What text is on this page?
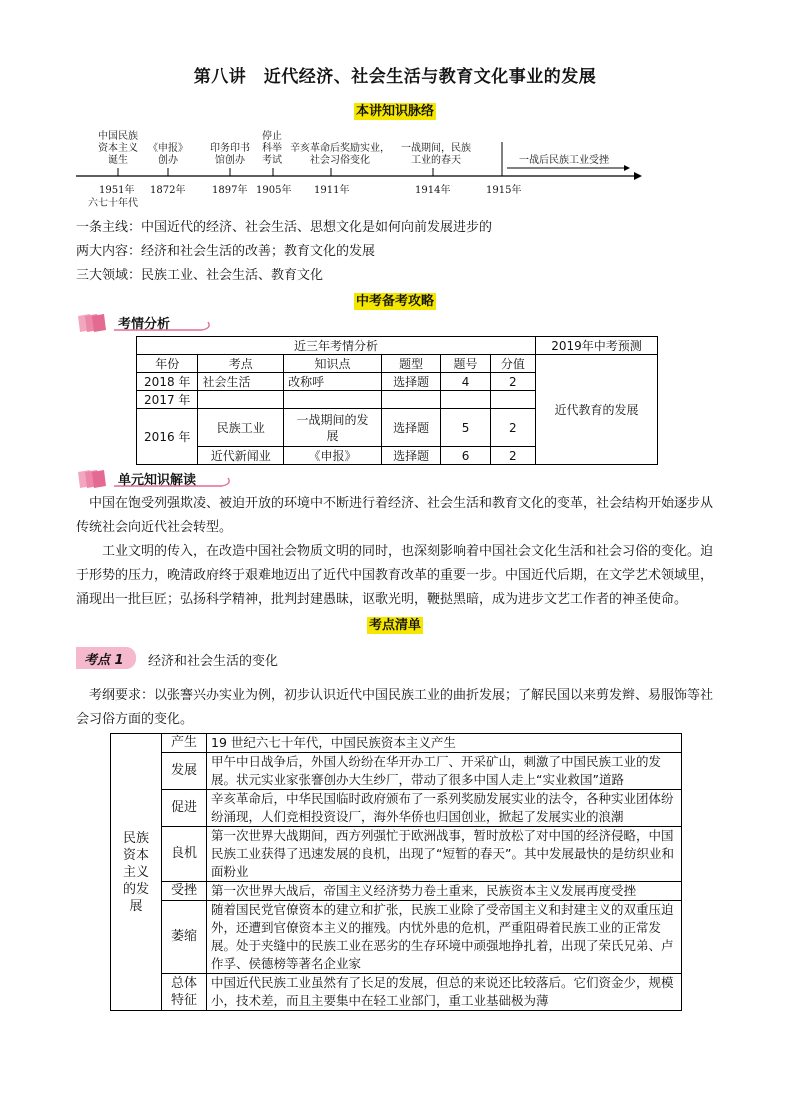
第八讲　近代经济、社会生活与教育文化事业的发展
本讲知识脉络
中国民族
资本主义
诞生
《申报》
创办
印务印书
馆创办
停止
科举
考试
辛亥革命后奖励实业，
社会习俗变化
一战期间，民族
工业的春天	一战后民族工业受挫
1951年
六七十年代
1872年	1897年 1905年 1911年	1914年	1915年
一条主线：中国近代的经济、社会生活、思想文化是如何向前发展进步的
两大内容：经济和社会生活的改善；教育文化的发展
三大领域：民族工业、社会生活、教育文化
中考备考攻略
考情分析
近三年考情分析						2019年中考预测
年份	考点	知识点	题型	题号	分值	近代教育的发展
2018 年	社会生活	改称呼	选择题	4	2	
2017 年						
2016 年	民族工业	一战期间的发展	选择题	5	2	
	近代新闻业	《申报》	选择题	6	2	
单元知识解读
中国在饱受列强欺凌、被迫开放的环境中不断进行着经济、社会生活和教育文化的变革，社会结构开始逐步从传统社会向近代社会转型。
工业文明的传入，在改造中国社会物质文明的同时，也深刻影响着中国社会文化生活和社会习俗的变化。迫于形势的压力，晚清政府终于艰难地迈出了近代中国教育改革的重要一步。中国近代后期，在文学艺术领域里，涌现出一批巨匠；弘扬科学精神，批判封建愚昧，讴歌光明，鞭挞黑暗，成为进步文艺工作者的神圣使命。
考点清单
考点 1 经济和社会生活的变化
考纲要求：以张謇兴办实业为例，初步认识近代中国民族工业的曲折发展；了解民国以来剪发辫、易服饰等社会习俗方面的变化。
民族
资本
主义
的发
展	产生	19 世纪六七十年代，中国民族资本主义产生
	发展	甲午中日战争后，外国人纷纷在华开办工厂、开采矿山，刺激了中国民族工业的发展。状元实业家张謇创办大生纱厂，带动了很多中国人走上“实业救国”道路
	促进	辛亥革命后，中华民国临时政府颁布了一系列奖励发展实业的法令，各种实业团体纷纷涌现，人们竞相投资设厂，海外华侨也归国创业，掀起了发展实业的浪潮
	良机	第一次世界大战期间，西方列强忙于欧洲战事，暂时放松了对中国的经济侵略，中国民族工业获得了迅速发展的良机，出现了“短暂的春天”。其中发展最快的是纺织业和面粉业
	受挫	第一次世界大战后，帝国主义经济势力卷土重来，民族资本主义发展再度受挫
	萎缩	随着国民党官僚资本的建立和扩张，民族工业除了受帝国主义和封建主义的双重压迫外，还遭到官僚资本主义的摧残。内忧外患的危机，严重阻碍着民族工业的正常发展。处于夹缝中的民族工业在恶劣的生存环境中顽强地挣扎着，出现了荣氏兄弟、卢作孚、侯德榜等著名企业家
	总体
特征	中国近代民族工业虽然有了长足的发展，但总的来说还比较落后。它们资金少，规模小，技术差，而且主要集中在轻工业部门，重工业基础极为薄
